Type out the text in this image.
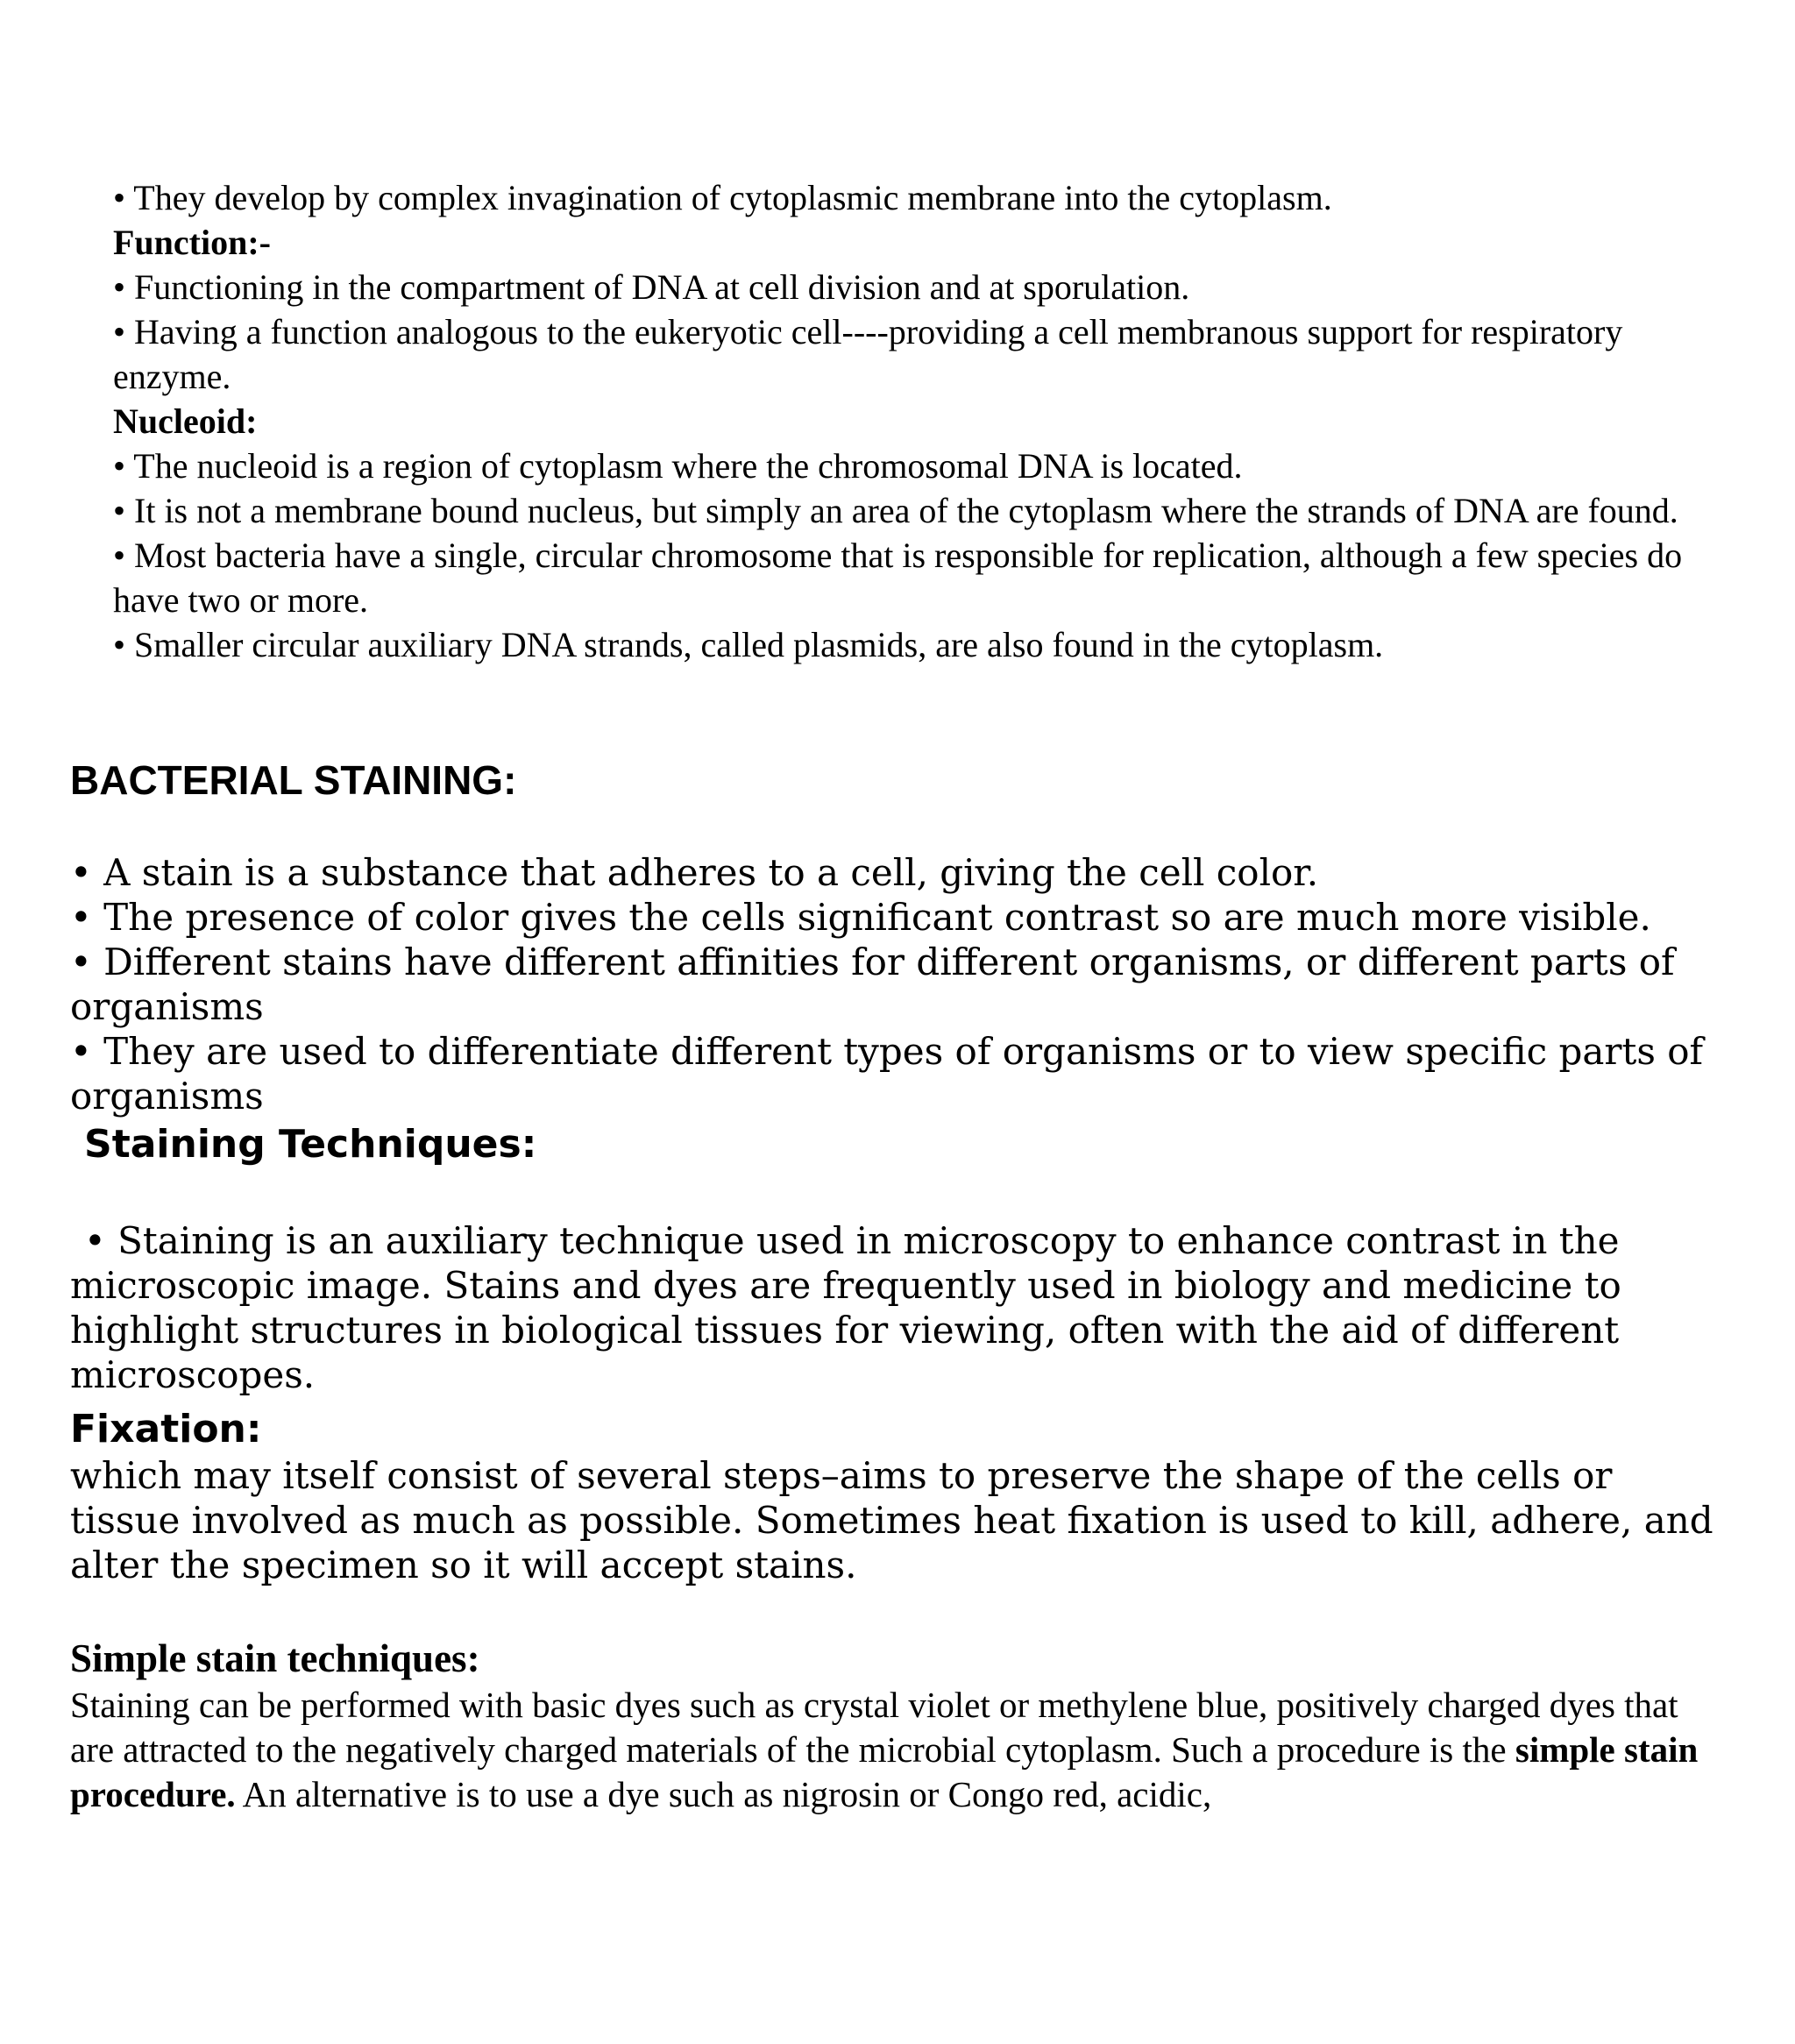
• They develop by complex invagination of cytoplasmic membrane into the cytoplasm.

Function:-

• Functioning in the compartment of DNA at cell division and at sporulation.

• Having a function analogous to the eukeryotic cell----providing a cell membranous support for respiratory enzyme.

Nucleoid:

• The nucleoid is a region of cytoplasm where the chromosomal DNA is located.

• It is not a membrane bound nucleus, but simply an area of the cytoplasm where the strands of DNA are found.

• Most bacteria have a single, circular chromosome that is responsible for replication, although a few species do have two or more.

• Smaller circular auxiliary DNA strands, called plasmids, are also found in the cytoplasm.

BACTERIAL STAINING:

• A stain is a substance that adheres to a cell, giving the cell color.

• The presence of color gives the cells significant contrast so are much more visible.

• Different stains have different affinities for different organisms, or different parts of organisms

• They are used to differentiate different types of organisms or to view specific parts of organisms

Staining Techniques:
• Staining is an auxiliary technique used in microscopy to enhance contrast in the microscopic image. Stains and dyes are frequently used in biology and medicine to highlight structures in biological tissues for viewing, often with the aid of different microscopes.
Fixation:
which may itself consist of several steps–aims to preserve the shape of the cells or tissue involved as much as possible. Sometimes heat fixation is used to kill, adhere, and alter the specimen so it will accept stains.
Simple stain techniques:
Staining can be performed with basic dyes such as crystal violet or methylene blue, positively charged dyes that are attracted to the negatively charged materials of the microbial cytoplasm. Such a procedure is the simple stain procedure. An alternative is to use a dye such as nigrosin or Congo red, acidic,
